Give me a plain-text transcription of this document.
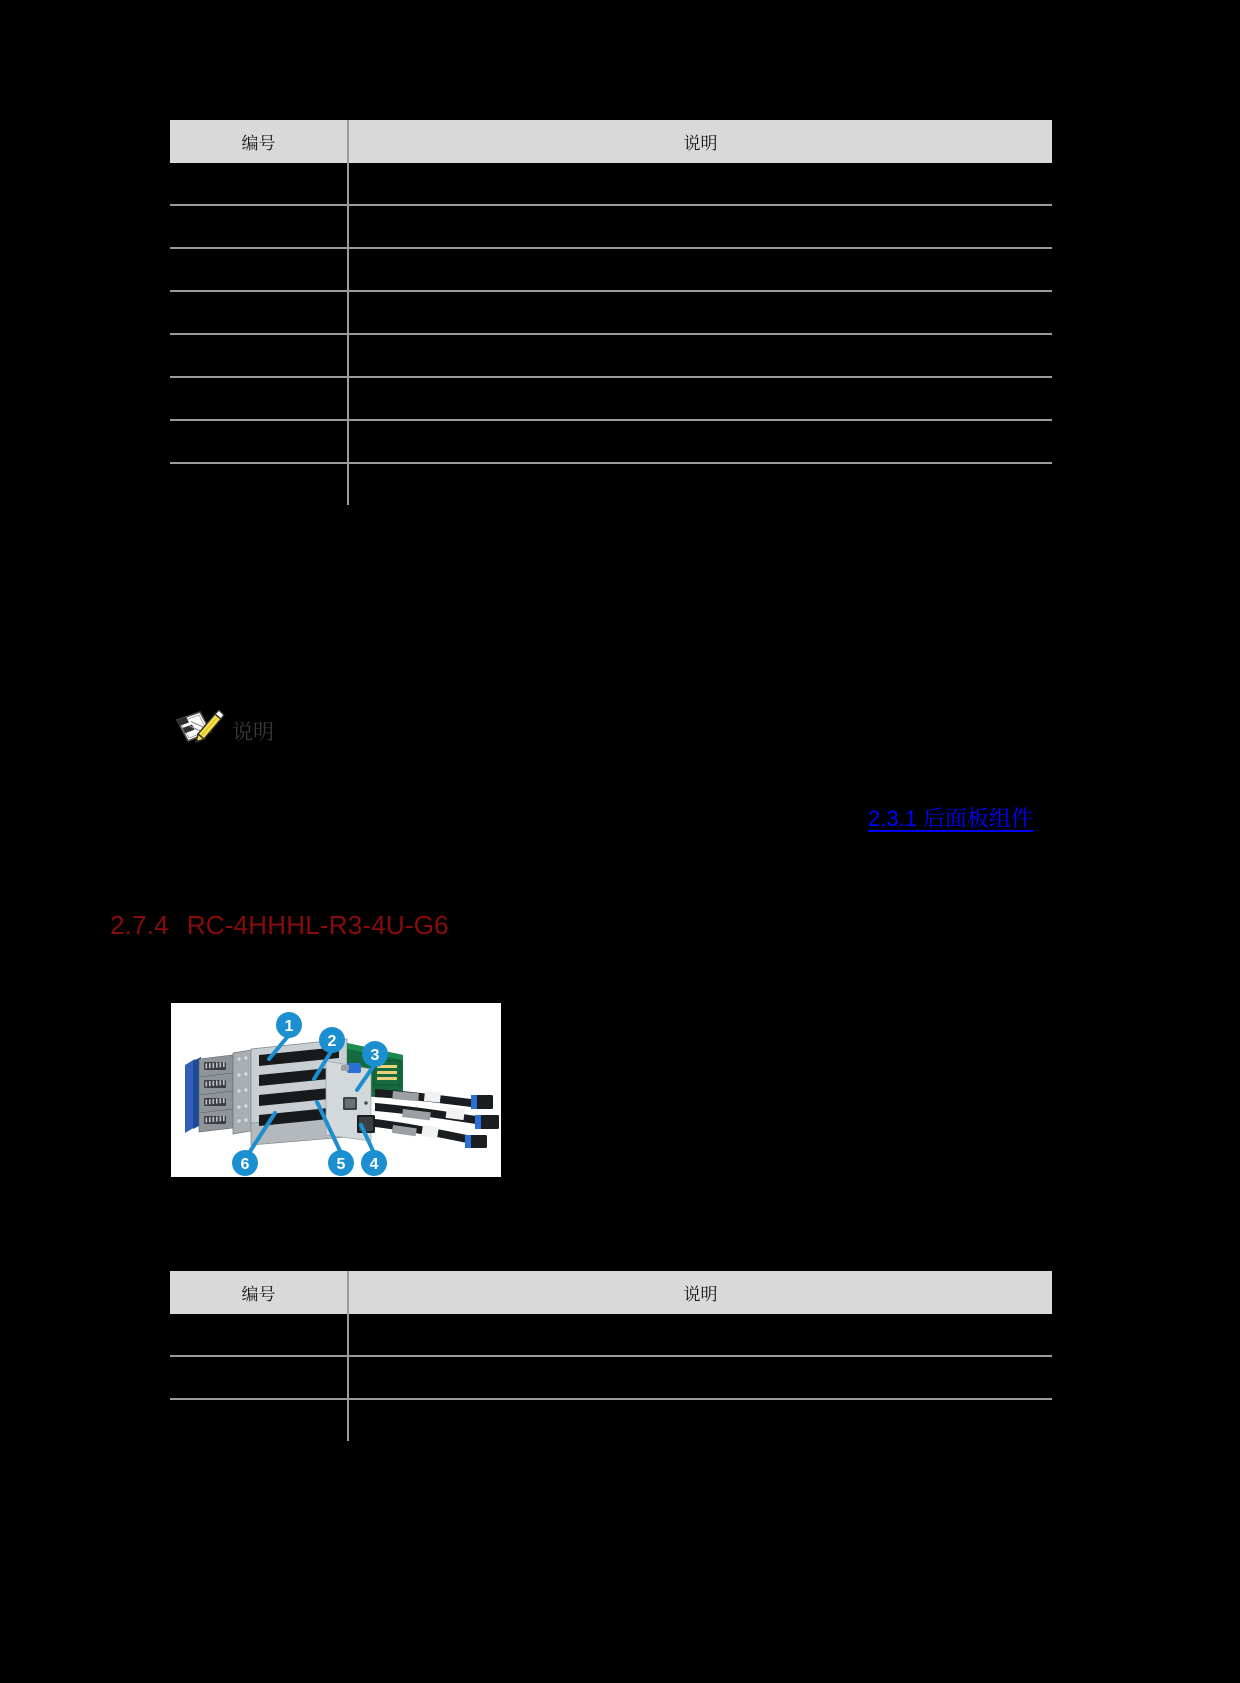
编号	说明

说明
2.3.1 后面板组件
2.7.4 RC-4HHHL-R3-4U-G6
1
2
3
4
5
6
编号	说明
